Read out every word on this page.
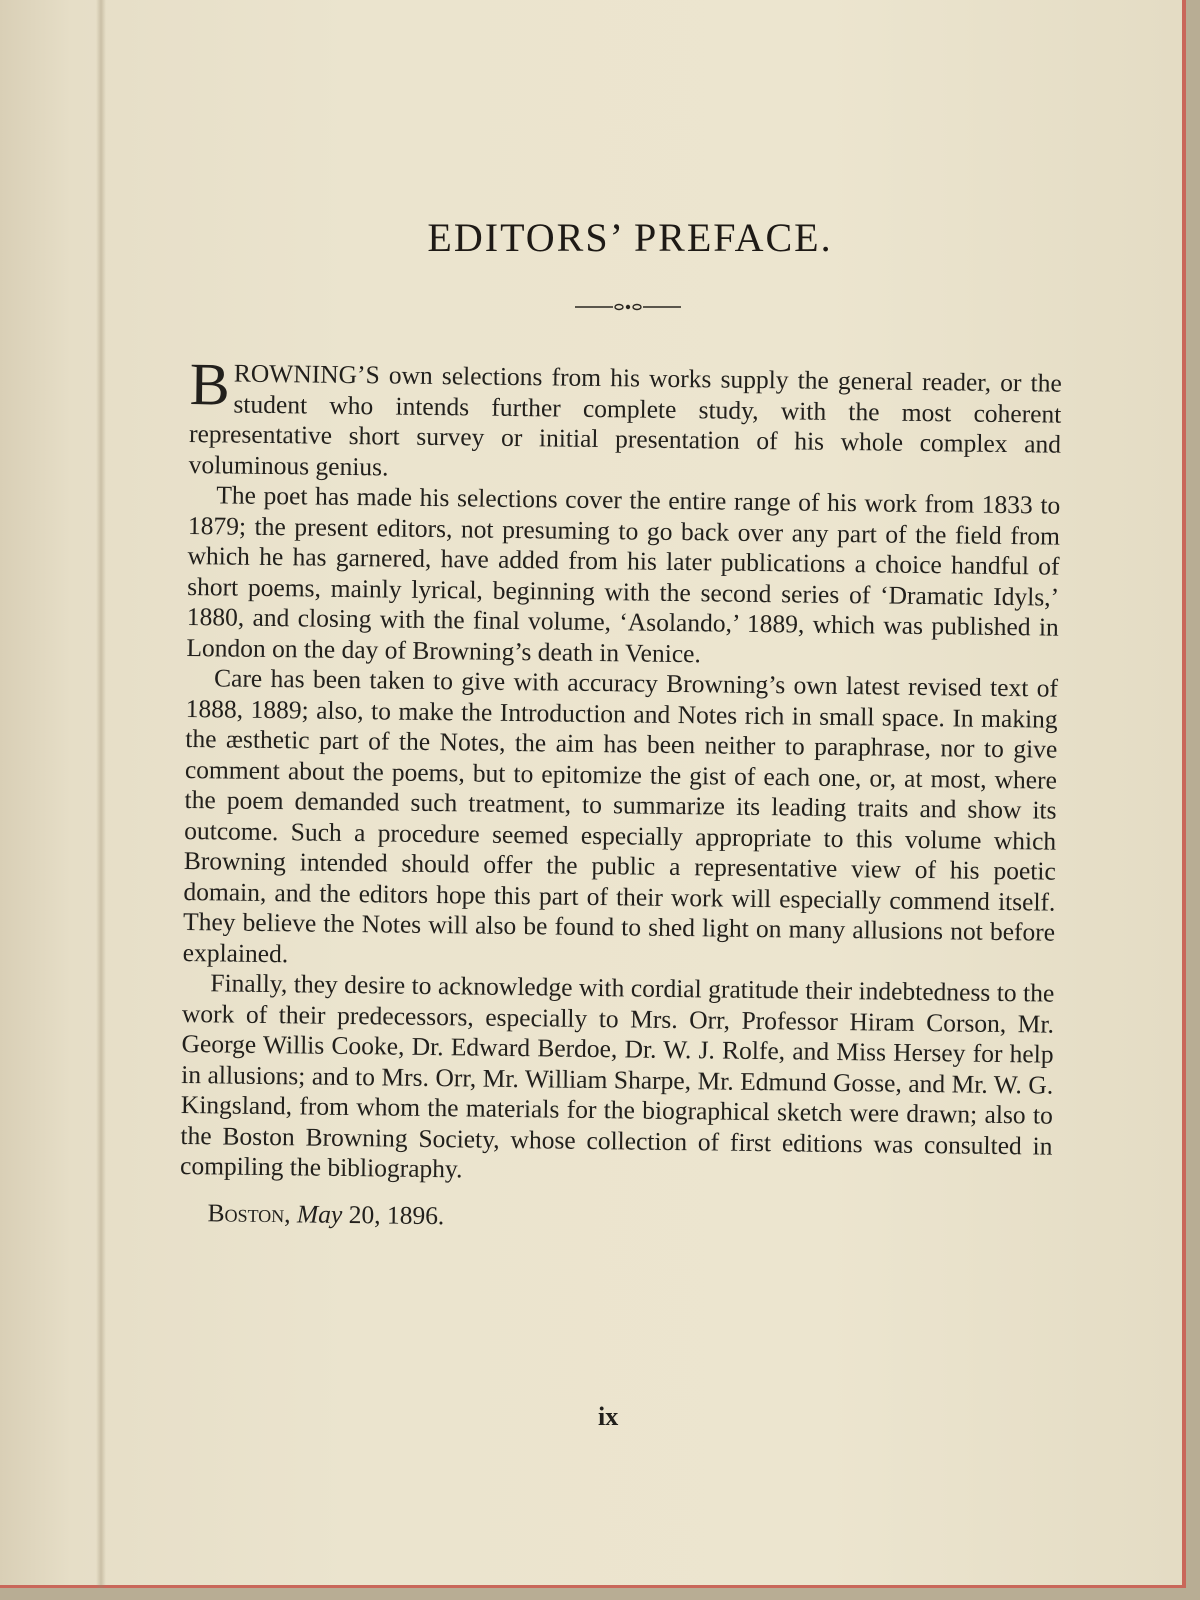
EDITORS’ PREFACE.

BROWNING’S own selections from his works supply the general reader, or the student who intends further complete study, with the most coherent representative short survey or initial presentation of his whole complex and voluminous genius.

The poet has made his selections cover the entire range of his work from 1833 to 1879; the present editors, not presuming to go back over any part of the field from which he has garnered, have added from his later publications a choice handful of short poems, mainly lyrical, beginning with the second series of ‘Dramatic Idyls,’ 1880, and closing with the final volume, ‘Asolando,’ 1889, which was published in London on the day of Browning’s death in Venice.

Care has been taken to give with accuracy Browning’s own latest revised text of 1888, 1889; also, to make the Introduction and Notes rich in small space. In making the æsthetic part of the Notes, the aim has been neither to paraphrase, nor to give comment about the poems, but to epitomize the gist of each one, or, at most, where the poem demanded such treatment, to summarize its leading traits and show its outcome. Such a procedure seemed especially appropriate to this volume which Browning intended should offer the public a representative view of his poetic domain, and the editors hope this part of their work will especially commend itself. They believe the Notes will also be found to shed light on many allusions not before explained.

Finally, they desire to acknowledge with cordial gratitude their indebtedness to the work of their predecessors, especially to Mrs. Orr, Professor Hiram Corson, Mr. George Willis Cooke, Dr. Edward Berdoe, Dr. W. J. Rolfe, and Miss Hersey for help in allusions; and to Mrs. Orr, Mr. William Sharpe, Mr. Edmund Gosse, and Mr. W. G. Kingsland, from whom the materials for the biographical sketch were drawn; also to the Boston Browning Society, whose collection of first editions was consulted in compiling the bibliography.

Boston, May 20, 1896.

ix
